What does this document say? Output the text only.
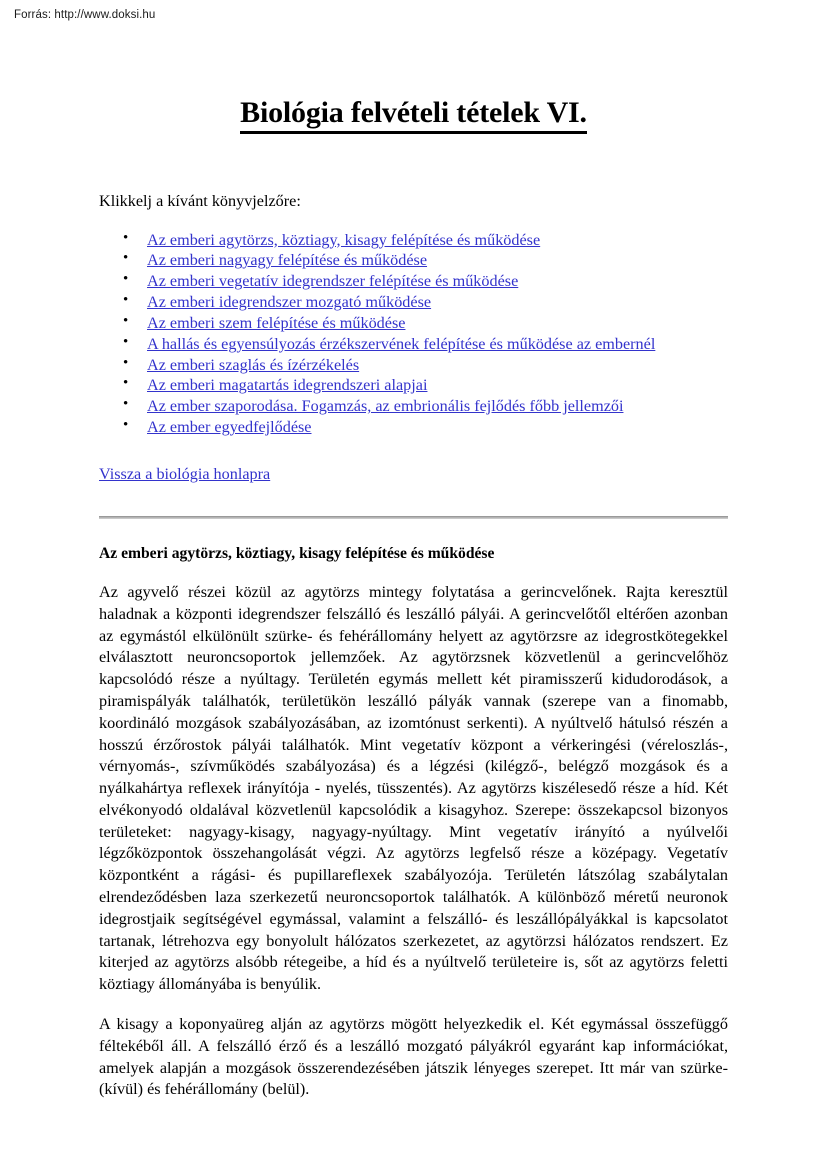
Forrás: http://www.doksi.hu
Biológia felvételi tételek VI.

Klikkelj a kívánt könyvjelzőre:

• Az emberi agytörzs, köztiagy, kisagy felépítése és működése
• Az emberi nagyagy felépítése és működése
• Az emberi vegetatív idegrendszer felépítése és működése
• Az emberi idegrendszer mozgató működése
• Az emberi szem felépítése és működése
• A hallás és egyensúlyozás érzékszervének felépítése és működése az embernél
• Az emberi szaglás és ízérzékelés
• Az emberi magatartás idegrendszeri alapjai
• Az ember szaporodása. Fogamzás, az embrionális fejlődés főbb jellemzői
• Az ember egyedfejlődése

Vissza a biológia honlapra

Az emberi agytörzs, köztiagy, kisagy felépítése és működése

Az agyvelő részei közül az agytörzs mintegy folytatása a gerincvelőnek. Rajta keresztül haladnak a központi idegrendszer felszálló és leszálló pályái. A gerincvelőtől eltérően azonban az egymástól elkülönült szürke- és fehérállomány helyett az agytörzsre az idegrostkötegekkel elválasztott neuroncsoportok jellemzőek. Az agytörzsnek közvetlenül a gerincvelőhöz kapcsolódó része a nyúltagy. Területén egymás mellett két piramisszerű kidudorodások, a piramispályák találhatók, területükön leszálló pályák vannak (szerepe van a finomabb, koordináló mozgások szabályozásában, az izomtónust serkenti). A nyúltvelő hátulsó részén a hosszú érzőrostok pályái találhatók. Mint vegetatív központ a vérkeringési (véreloszlás-, vérnyomás-, szívműködés szabályozása) és a légzési (kilégző-, belégző mozgások és a nyálkahártya reflexek irányítója - nyelés, tüsszentés). Az agytörzs kiszélesedő része a híd. Két elvékonyodó oldalával közvetlenül kapcsolódik a kisagyhoz. Szerepe: összekapcsol bizonyos területeket: nagyagy-kisagy, nagyagy-nyúltagy. Mint vegetatív irányító a nyúlvelői légzőközpontok összehangolását végzi. Az agytörzs legfelső része a középagy. Vegetatív központként a rágási- és pupillareflexek szabályozója. Területén látszólag szabálytalan elrendeződésben laza szerkezetű neuroncsoportok találhatók. A különböző méretű neuronok idegrostjaik segítségével egymással, valamint a felszálló- és leszállópályákkal is kapcsolatot tartanak, létrehozva egy bonyolult hálózatos szerkezetet, az agytörzsi hálózatos rendszert. Ez kiterjed az agytörzs alsóbb rétegeibe, a híd és a nyúltvelő területeire is, sőt az agytörzs feletti köztiagy állományába is benyúlik.

A kisagy a koponyaüreg alján az agytörzs mögött helyezkedik el. Két egymással összefüggő féltekéből áll. A felszálló érző és a leszálló mozgató pályákról egyaránt kap információkat, amelyek alapján a mozgások összerendezésében játszik lényeges szerepet. Itt már van szürke- (kívül) és fehérállomány (belül).
